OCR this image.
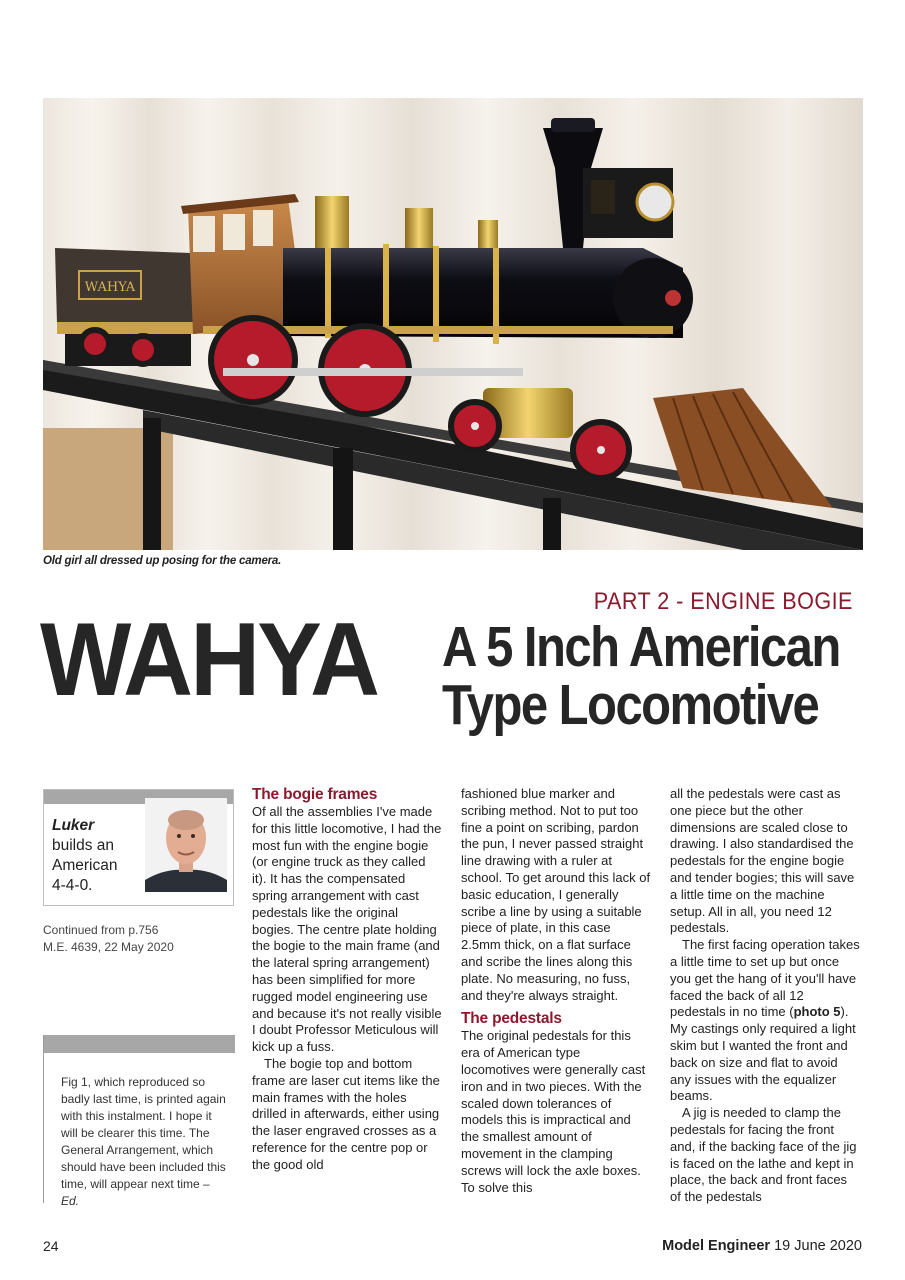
WAHYA
Old girl all dressed up posing for the camera.
PART 2 - ENGINE BOGIE
WAHYA A 5 Inch American
Type Locomotive
Luker
builds an
American
4-4-0.
Continued from p.756
M.E. 4639, 22 May 2020
Fig 1, which reproduced so badly last time, is printed again with this instalment. I hope it will be clearer this time. The General Arrangement, which should have been included this time, will appear next time – Ed.
The bogie frames

Of all the assemblies I've made for this little locomotive, I had the most fun with the engine bogie (or engine truck as they called it). It has the compensated spring arrangement with cast pedestals like the original bogies. The centre plate holding the bogie to the main frame (and the lateral spring arrangement) has been simplified for more rugged model engineering use and because it's not really visible I doubt Professor Meticulous will kick up a fuss.

The bogie top and bottom frame are laser cut items like the main frames with the holes drilled in afterwards, either using the laser engraved crosses as a reference for the centre pop or the good old

fashioned blue marker and scribing method. Not to put too fine a point on scribing, pardon the pun, I never passed straight line drawing with a ruler at school. To get around this lack of basic education, I generally scribe a line by using a suitable piece of plate, in this case 2.5mm thick, on a flat surface and scribe the lines along this plate. No measuring, no fuss, and they're always straight.

The pedestals

The original pedestals for this era of American type locomotives were generally cast iron and in two pieces. With the scaled down tolerances of models this is impractical and the smallest amount of movement in the clamping screws will lock the axle boxes. To solve this

all the pedestals were cast as one piece but the other dimensions are scaled close to drawing. I also standardised the pedestals for the engine bogie and tender bogies; this will save a little time on the machine setup. All in all, you need 12 pedestals.

The first facing operation takes a little time to set up but once you get the hang of it you'll have faced the back of all 12 pedestals in no time (photo 5). My castings only required a light skim but I wanted the front and back on size and flat to avoid any issues with the equalizer beams.

A jig is needed to clamp the pedestals for facing the front and, if the backing face of the jig is faced on the lathe and kept in place, the back and front faces of the pedestals

24	Model Engineer 19 June 2020
